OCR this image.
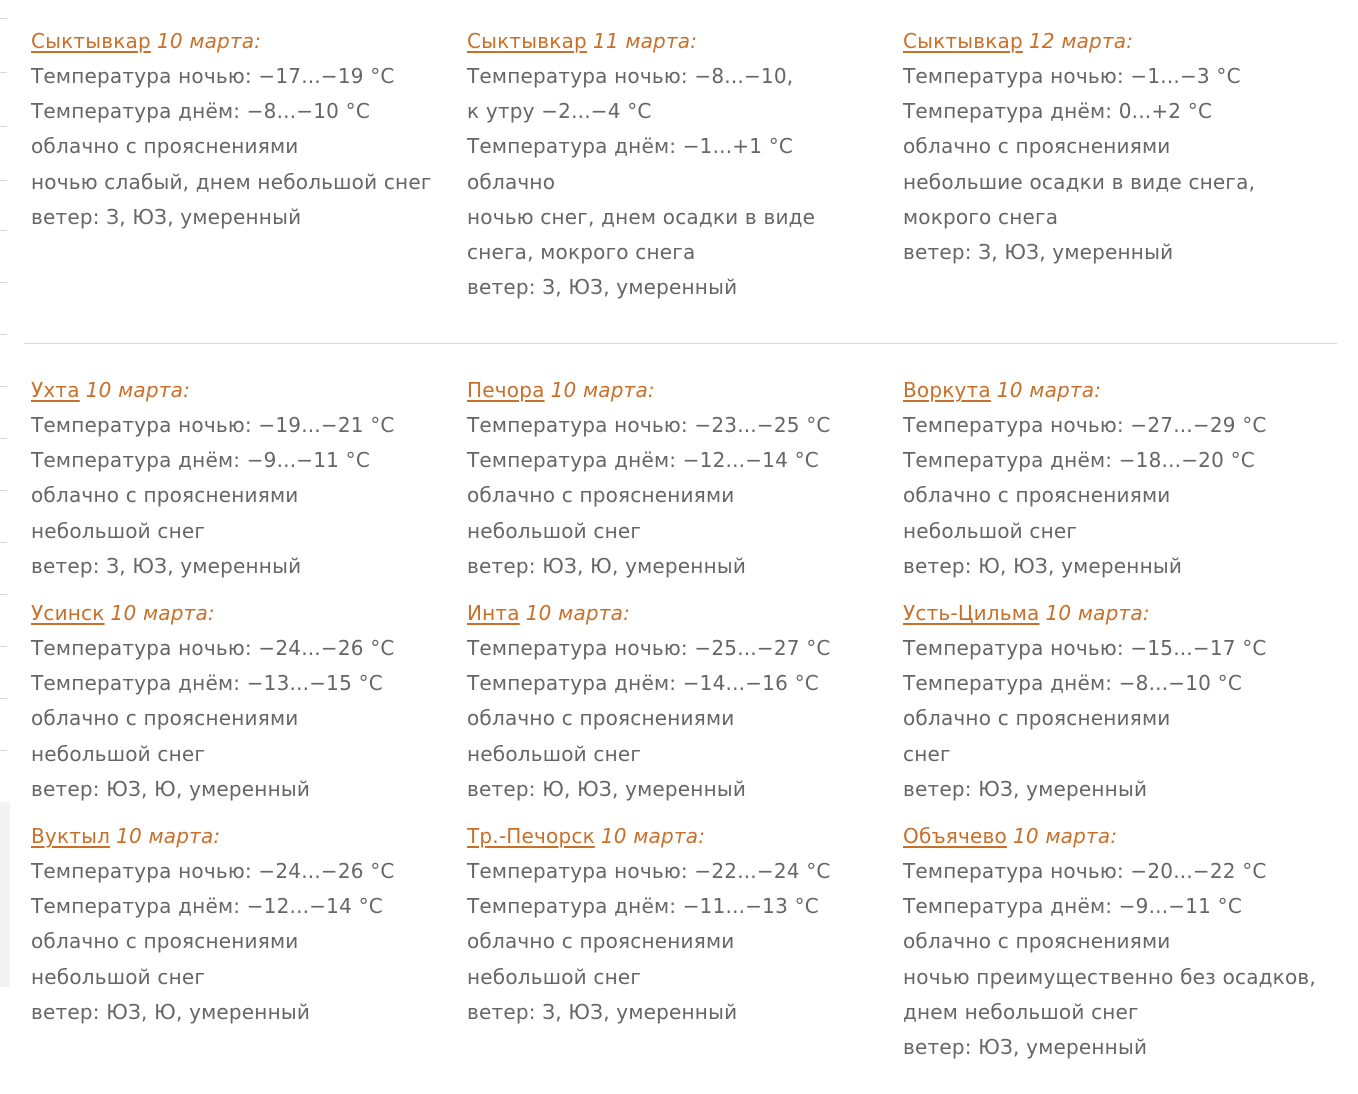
Сыктывкар 10 марта:
Температура ночью: −17...−19 °C
Температура днём: −8...−10 °C
облачно с прояснениями
ночью слабый, днем небольшой снег
ветер: З, ЮЗ, умеренный
Сыктывкар 11 марта:
Температура ночью: −8...−10,
к утру −2...−4 °C
Температура днём: −1...+1 °C
облачно
ночью снег, днем осадки в виде
снега, мокрого снега
ветер: З, ЮЗ, умеренный
Сыктывкар 12 марта:
Температура ночью: −1...−3 °C
Температура днём: 0...+2 °C
облачно с прояснениями
небольшие осадки в виде снега,
мокрого снега
ветер: З, ЮЗ, умеренный
Ухта 10 марта:
Температура ночью: −19...−21 °C
Температура днём: −9...−11 °C
облачно с прояснениями
небольшой снег
ветер: З, ЮЗ, умеренный
Печора 10 марта:
Температура ночью: −23...−25 °C
Температура днём: −12...−14 °C
облачно с прояснениями
небольшой снег
ветер: ЮЗ, Ю, умеренный
Воркута 10 марта:
Температура ночью: −27...−29 °C
Температура днём: −18...−20 °C
облачно с прояснениями
небольшой снег
ветер: Ю, ЮЗ, умеренный
Усинск 10 марта:
Температура ночью: −24...−26 °C
Температура днём: −13...−15 °C
облачно с прояснениями
небольшой снег
ветер: ЮЗ, Ю, умеренный
Инта 10 марта:
Температура ночью: −25...−27 °C
Температура днём: −14...−16 °C
облачно с прояснениями
небольшой снег
ветер: Ю, ЮЗ, умеренный
Усть-Цильма 10 марта:
Температура ночью: −15...−17 °C
Температура днём: −8...−10 °C
облачно с прояснениями
снег
ветер: ЮЗ, умеренный
Вуктыл 10 марта:
Температура ночью: −24...−26 °C
Температура днём: −12...−14 °C
облачно с прояснениями
небольшой снег
ветер: ЮЗ, Ю, умеренный
Тр.-Печорск 10 марта:
Температура ночью: −22...−24 °C
Температура днём: −11...−13 °C
облачно с прояснениями
небольшой снег
ветер: З, ЮЗ, умеренный
Объячево 10 марта:
Температура ночью: −20...−22 °C
Температура днём: −9...−11 °C
облачно с прояснениями
ночью преимущественно без осадков,
днем небольшой снег
ветер: ЮЗ, умеренный
